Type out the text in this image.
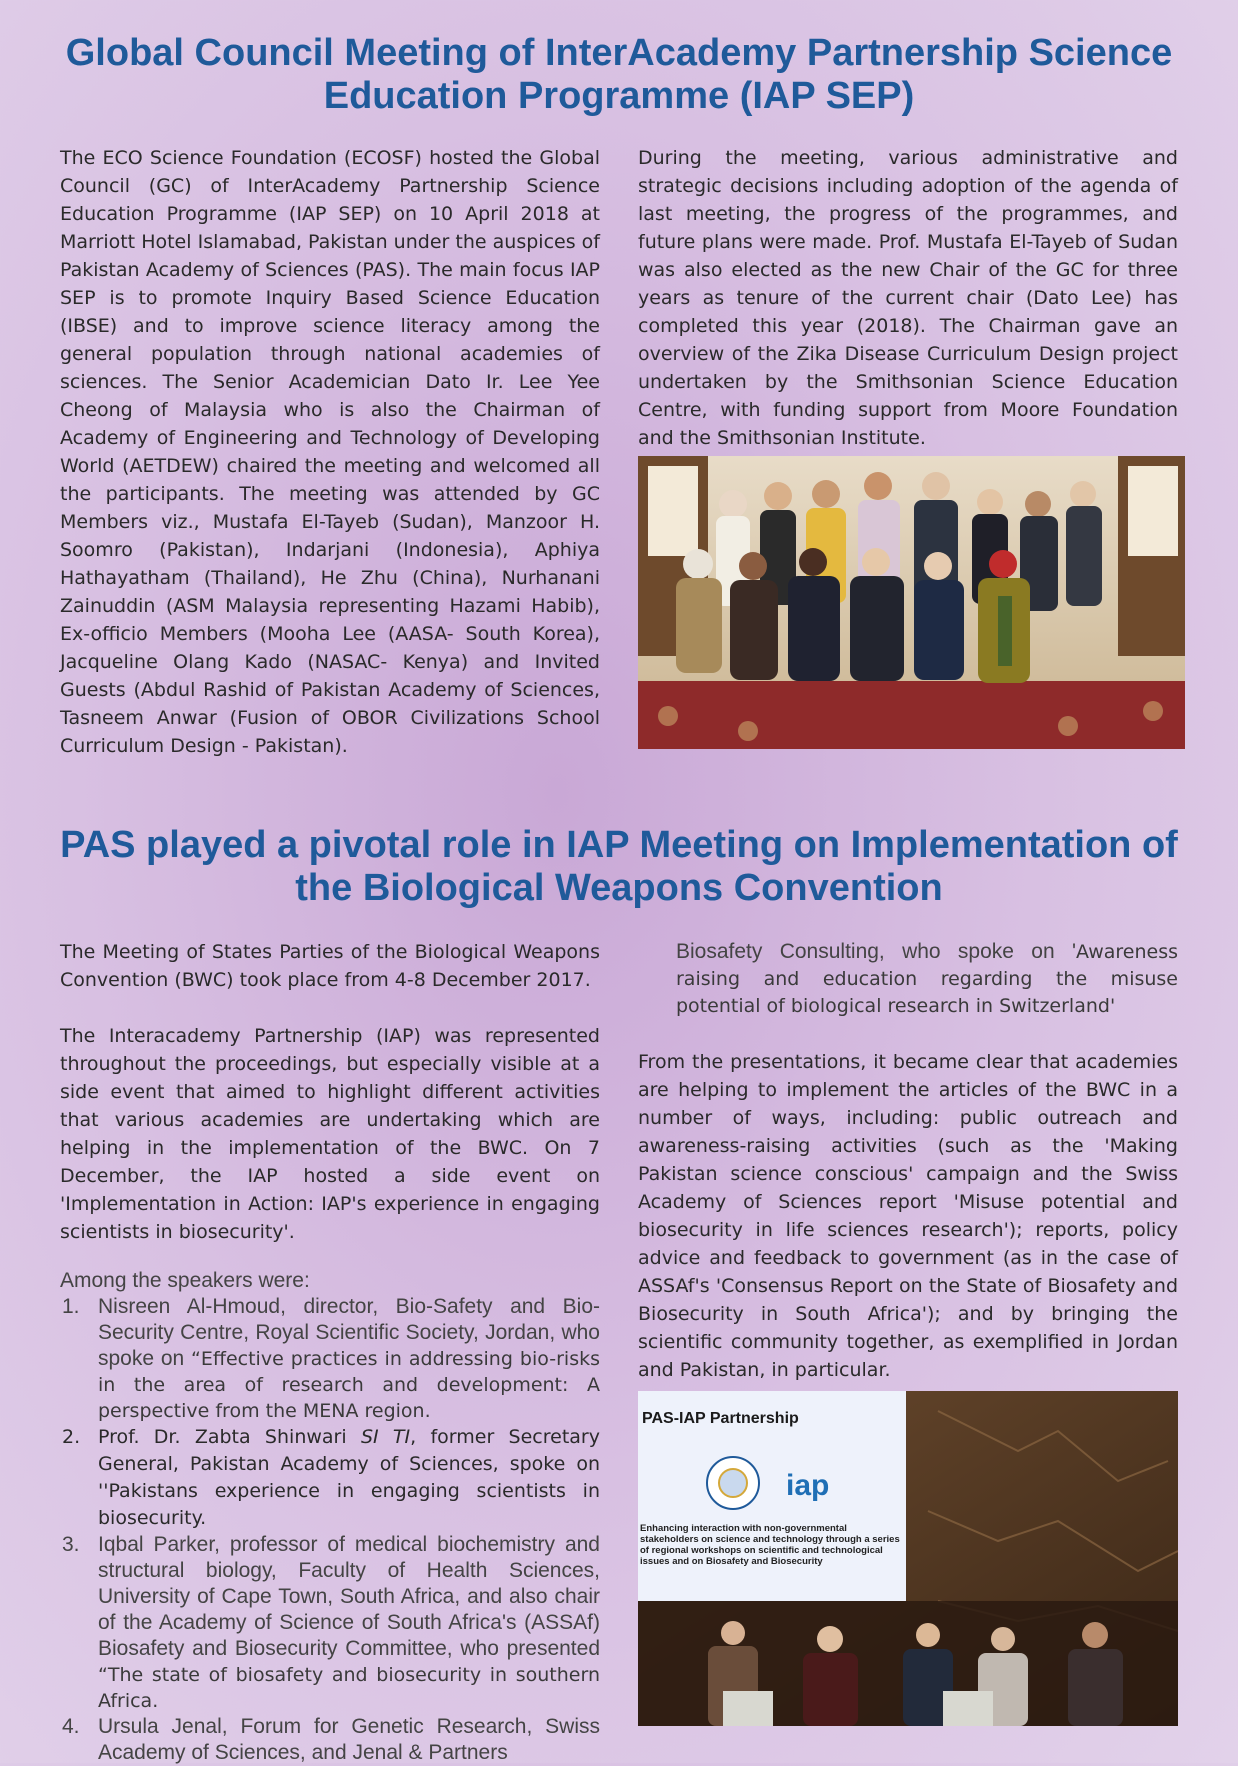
Global Council Meeting of InterAcademy Partnership Science Education Programme (IAP SEP)

The ECO Science Foundation (ECOSF) hosted the Global Council (GC) of InterAcademy Partnership Science Education Programme (IAP SEP) on 10 April 2018 at Marriott Hotel Islamabad, Pakistan under the auspices of Pakistan Academy of Sciences (PAS). The main focus IAP SEP is to promote Inquiry Based Science Education (IBSE) and to improve science literacy among the general population through national academies of sciences. The Senior Academician Dato Ir. Lee Yee Cheong of Malaysia who is also the Chairman of Academy of Engineering and Technology of Developing World (AETDEW) chaired the meeting and welcomed all the participants. The meeting was attended by GC Members viz., Mustafa El-Tayeb (Sudan), Manzoor H. Soomro (Pakistan), Indarjani (Indonesia), Aphiya Hathayatham (Thailand), He Zhu (China), Nurhanani Zainuddin (ASM Malaysia representing Hazami Habib), Ex-officio Members (Mooha Lee (AASA- South Korea), Jacqueline Olang Kado (NASAC- Kenya) and Invited Guests (Abdul Rashid of Pakistan Academy of Sciences, Tasneem Anwar (Fusion of OBOR Civilizations School Curriculum Design - Pakistan).

During the meeting, various administrative and strategic decisions including adoption of the agenda of last meeting, the progress of the programmes, and future plans were made. Prof. Mustafa El-Tayeb of Sudan was also elected as the new Chair of the GC for three years as tenure of the current chair (Dato Lee) has completed this year (2018). The Chairman gave an overview of the Zika Disease Curriculum Design project undertaken by the Smithsonian Science Education Centre, with funding support from Moore Foundation and the Smithsonian Institute.

PAS played a pivotal role in IAP Meeting on Implementation of the Biological Weapons Convention

The Meeting of States Parties of the Biological Weapons Convention (BWC) took place from 4-8 December 2017.

The Interacademy Partnership (IAP) was represented throughout the proceedings, but especially visible at a side event that aimed to highlight different activities that various academies are undertaking which are helping in the implementation of the BWC. On 7 December, the IAP hosted a side event on 'Implementation in Action: IAP's experience in engaging scientists in biosecurity'.

Among the speakers were:

1. Nisreen Al-Hmoud, director, Bio-Safety and Bio-Security Centre, Royal Scientific Society, Jordan, who spoke on “Effective practices in addressing bio-risks in the area of research and development: A perspective from the MENA region.
2. Prof. Dr. Zabta Shinwari SI TI, former Secretary General, Pakistan Academy of Sciences, spoke on ''Pakistans experience in engaging scientists in biosecurity.
3. Iqbal Parker, professor of medical biochemistry and structural biology, Faculty of Health Sciences, University of Cape Town, South Africa, and also chair of the Academy of Science of South Africa's (ASSAf) Biosafety and Biosecurity Committee, who presented “The state of biosafety and biosecurity in southern Africa.
4. Ursula Jenal, Forum for Genetic Research, Swiss Academy of Sciences, and Jenal & Partners

Biosafety Consulting, who spoke on 'Awareness raising and education regarding the misuse potential of biological research in Switzerland'

From the presentations, it became clear that academies are helping to implement the articles of the BWC in a number of ways, including: public outreach and awareness-raising activities (such as the 'Making Pakistan science conscious' campaign and the Swiss Academy of Sciences report 'Misuse potential and biosecurity in life sciences research'); reports, policy advice and feedback to government (as in the case of ASSAf's 'Consensus Report on the State of Biosafety and Biosecurity in South Africa'); and by bringing the scientific community together, as exemplified in Jordan and Pakistan, in particular.

PAS-IAP Partnership
iap
Enhancing interaction with non-governmental stakeholders on science and technology through a series of regional workshops on scientific and technological issues and on Biosafety and Biosecurity
